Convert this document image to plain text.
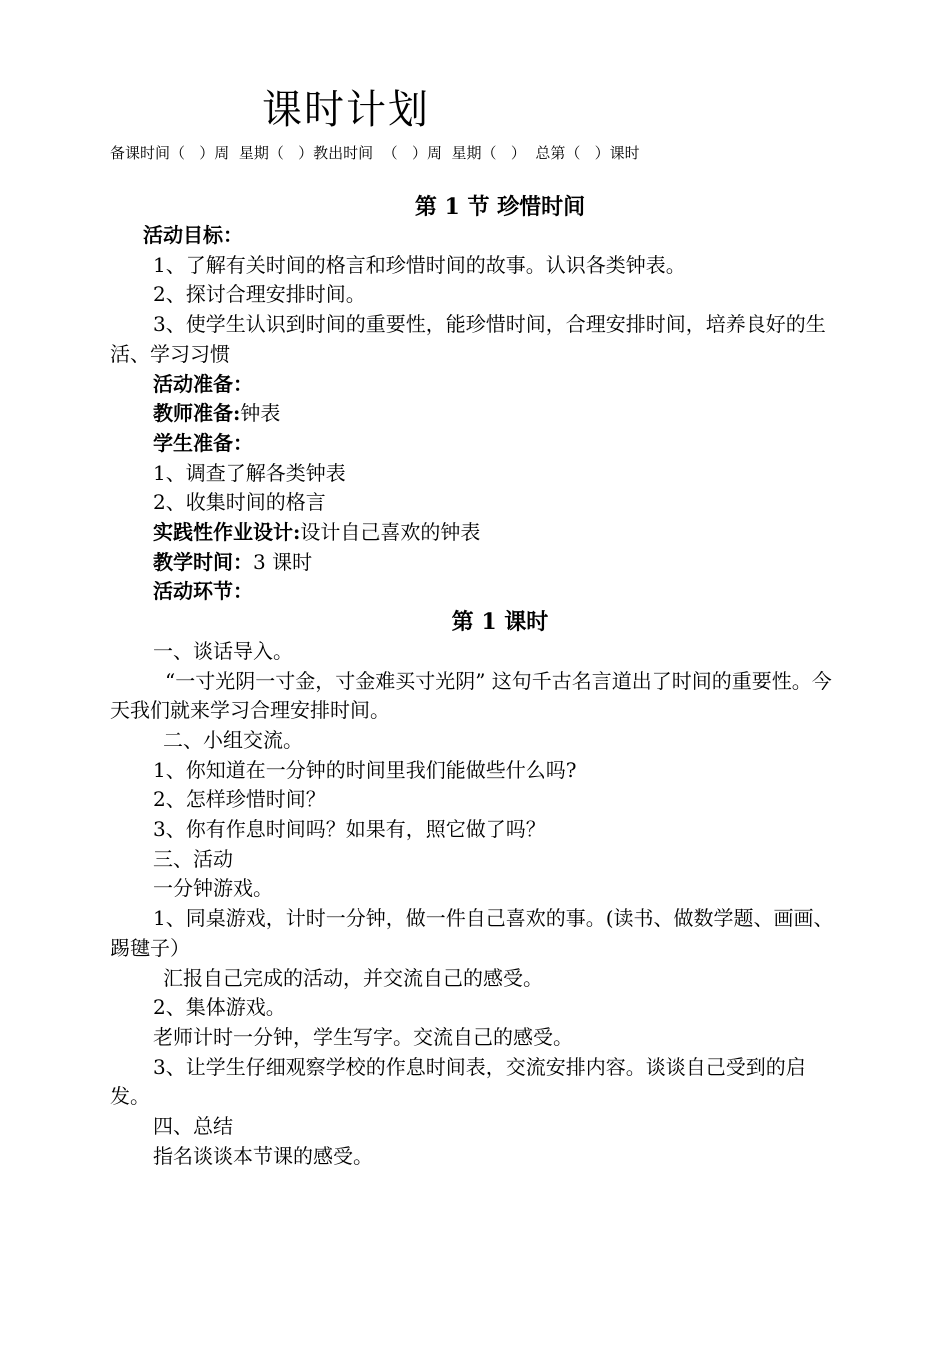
课时计划
备课时间（   ）周  星期（   ）教出时间  （   ）周  星期（   ）  总第（   ）课时
第 1 节 珍惜时间

活动目标：

1、了解有关时间的格言和珍惜时间的故事。认识各类钟表。

2、探讨合理安排时间。

3、使学生认识到时间的重要性，能珍惜时间，合理安排时间，培养良好的生活、学习习惯

活动准备：

教师准备:钟表

学生准备：

1、调查了解各类钟表

2、收集时间的格言

实践性作业设计:设计自己喜欢的钟表

教学时间：3 课时

活动环节：

一、谈话导入。

“一寸光阴一寸金，寸金难买寸光阴” 这句千古名言道出了时间的重要性。今天我们就来学习合理安排时间。

二、小组交流。

1、你知道在一分钟的时间里我们能做些什么吗?

2、怎样珍惜时间？

3、你有作息时间吗？如果有，照它做了吗？

三、活动

一分钟游戏。

1、同桌游戏，计时一分钟，做一件自己喜欢的事。(读书、做数学题、画画、踢毽子）

汇报自己完成的活动，并交流自己的感受。

2、集体游戏。

老师计时一分钟，学生写字。交流自己的感受。

3、让学生仔细观察学校的作息时间表，交流安排内容。谈谈自己受到的启发。

四、总结

指名谈谈本节课的感受。

第 1 课时
